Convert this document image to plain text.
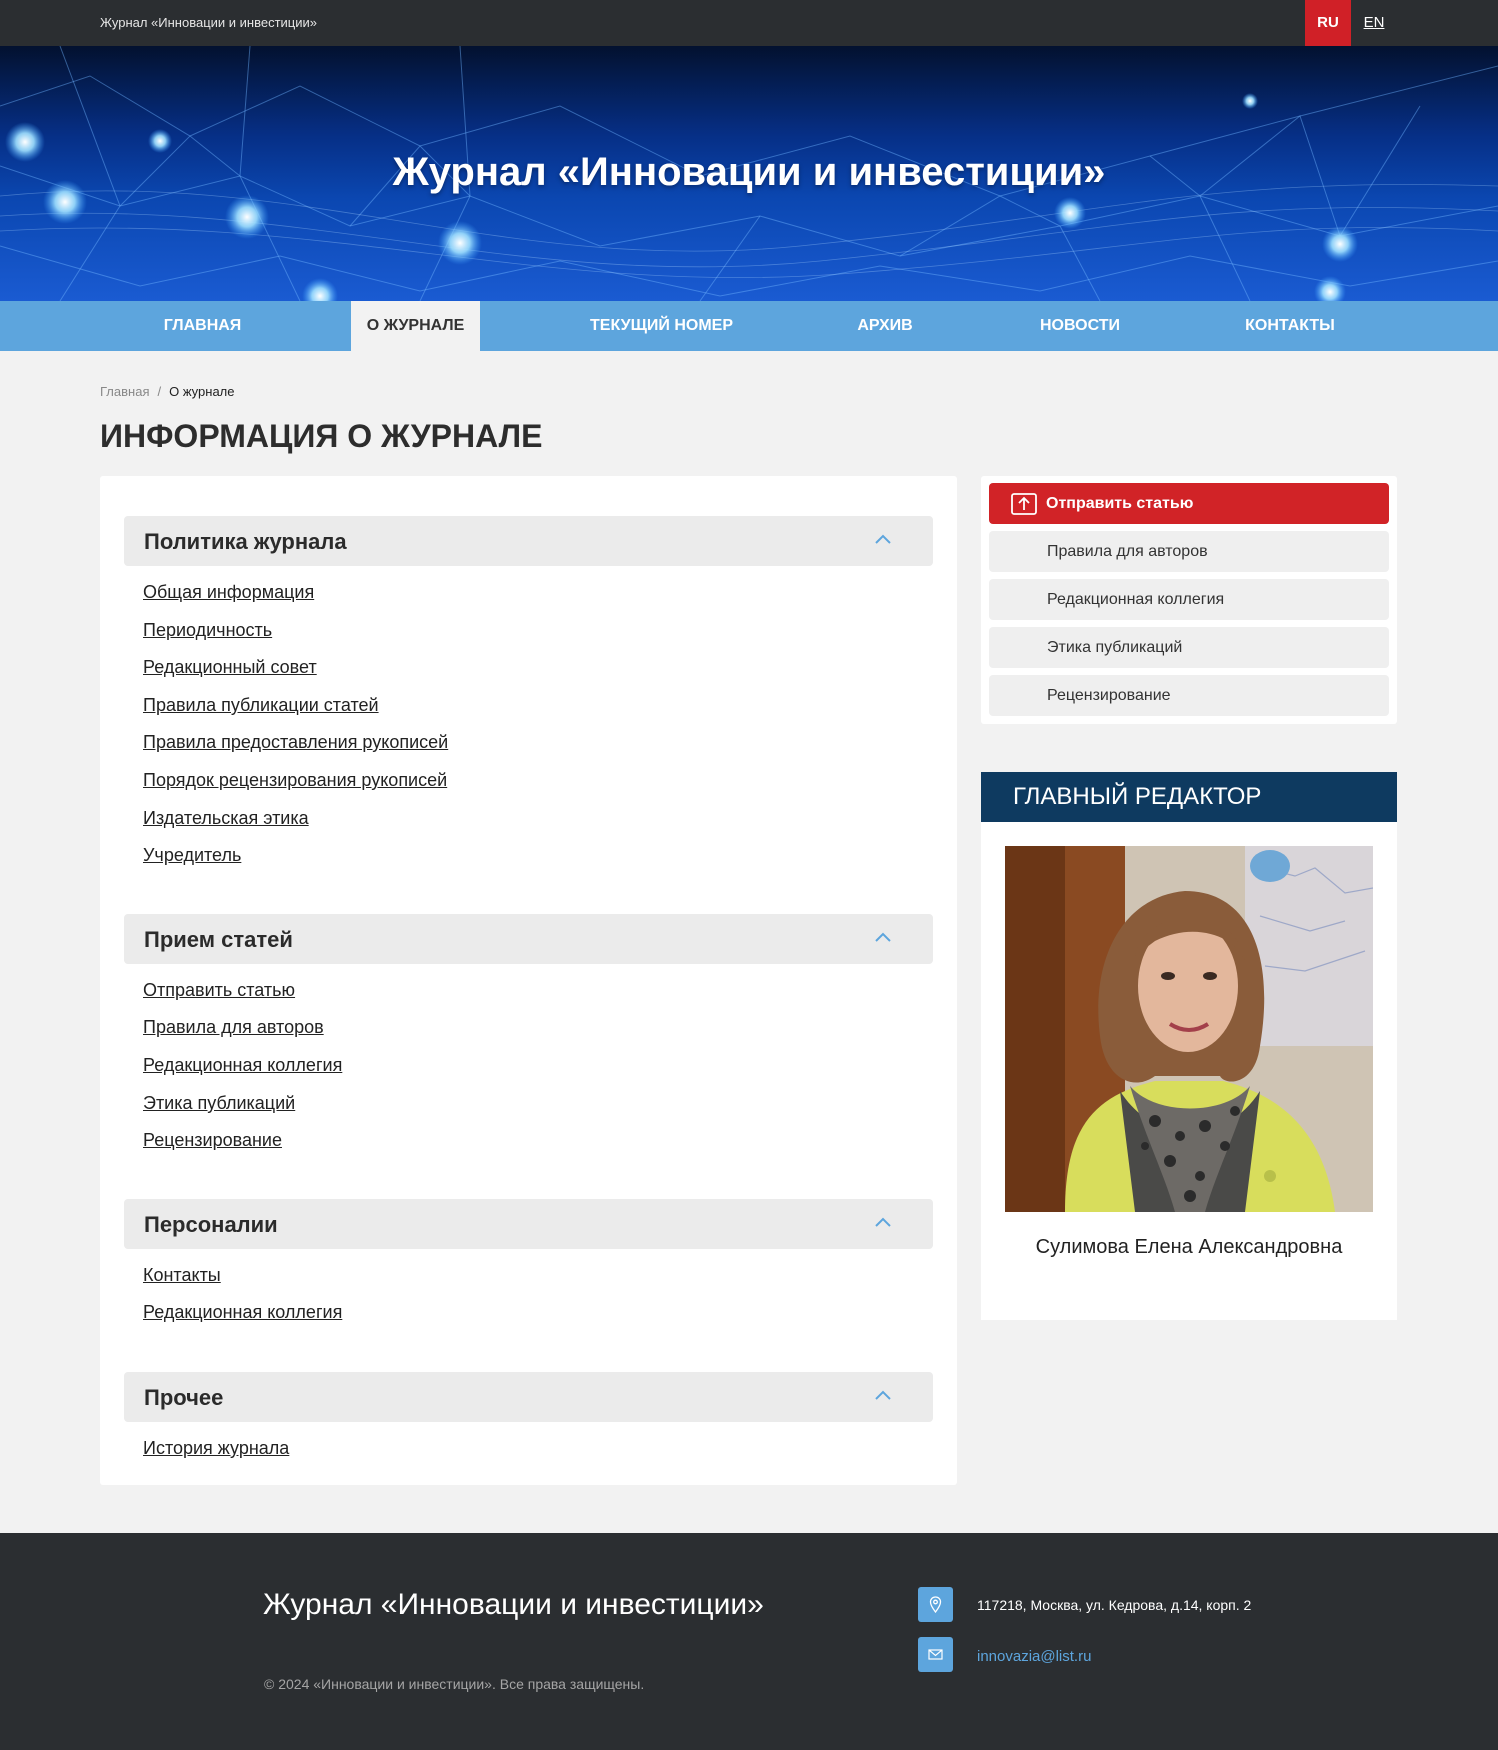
Журнал «Инновации и инвестиции»	RU	EN
Журнал «Инновации и инвестиции»
ГЛАВНАЯ	О ЖУРНАЛЕ	ТЕКУЩИЙ НОМЕР	АРХИВ	НОВОСТИ	КОНТАКТЫ
Главная / О журнале
ИНФОРМАЦИЯ О ЖУРНАЛЕ
Политика журнала
Общая информация
Периодичность
Редакционный совет
Правила публикации статей
Правила предоставления рукописей
Порядок рецензирования рукописей
Издательская этика
Учредитель
Прием статей
Отправить статью
Правила для авторов
Редакционная коллегия
Этика публикаций
Рецензирование
Персоналии
Контакты
Редакционная коллегия
Прочее
История журнала
Отправить статью
Правила для авторов
Редакционная коллегия
Этика публикаций
Рецензирование
ГЛАВНЫЙ РЕДАКТОР
Сулимова Елена Александровна
Журнал «Инновации и инвестиции»
© 2024 «Инновации и инвестиции». Все права защищены.
117218, Москва, ул. Кедрова, д.14, корп. 2
innovazia@list.ru
